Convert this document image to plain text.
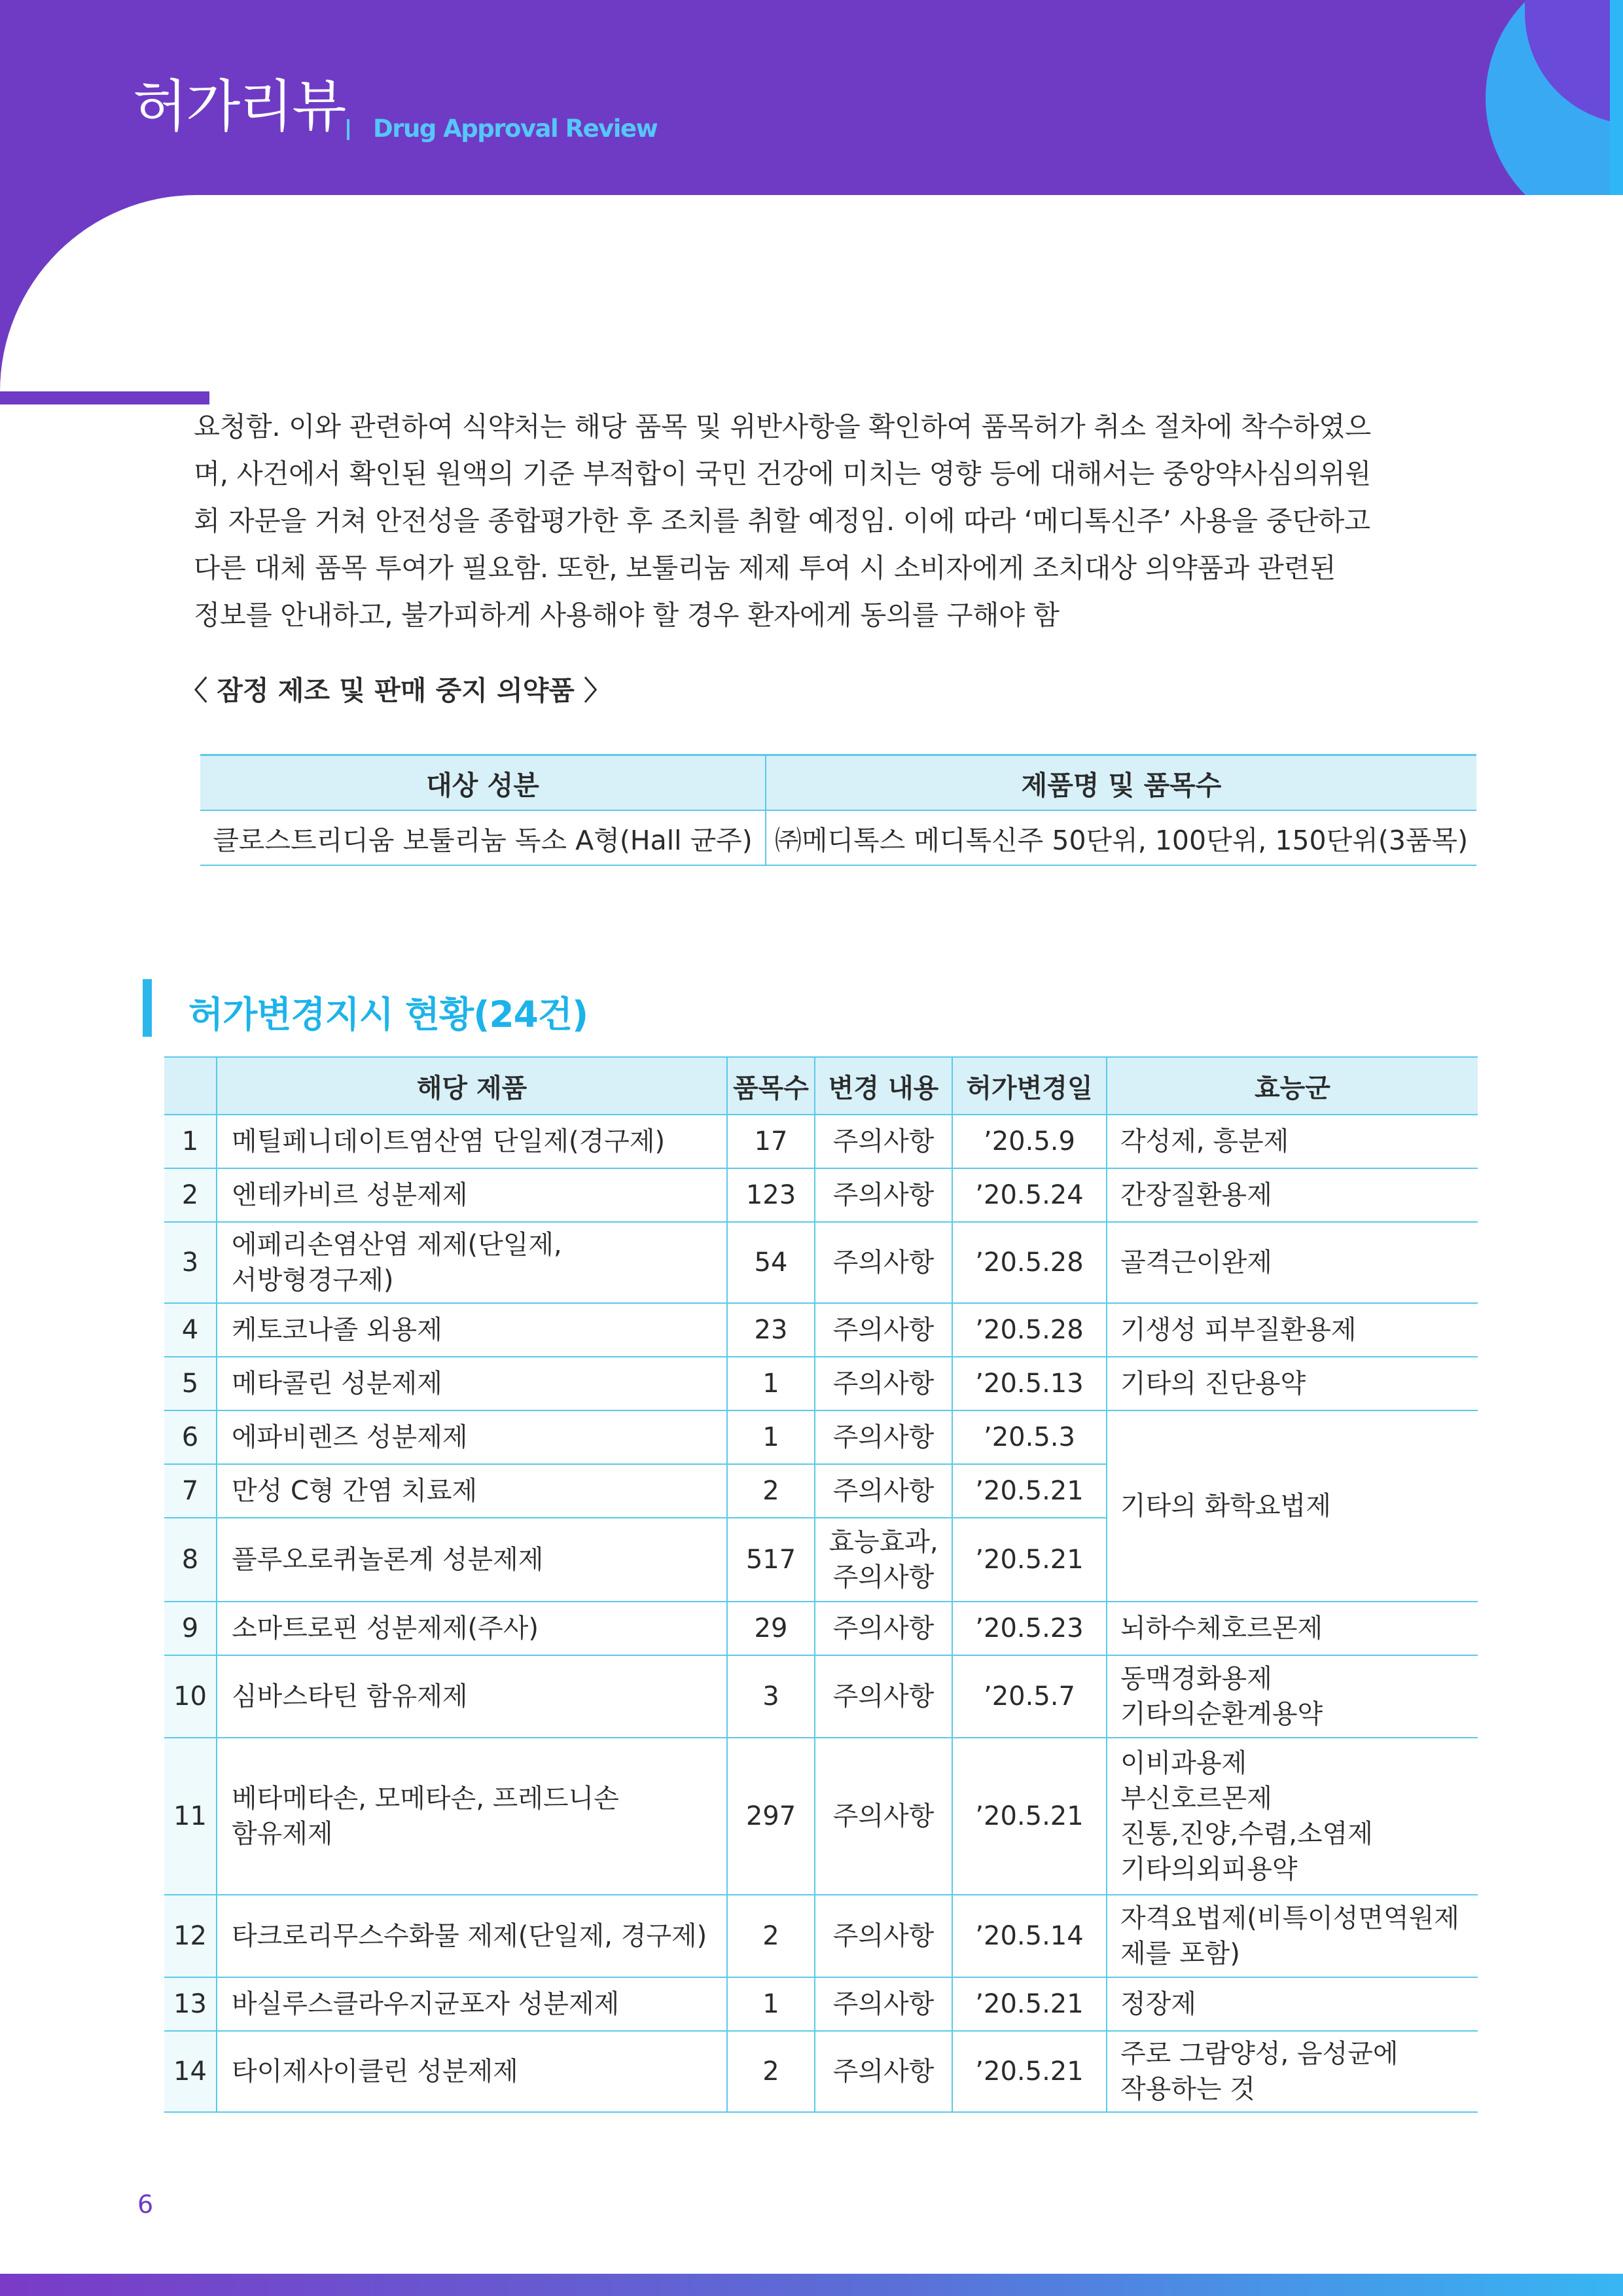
허가리뷰 Drug Approval Review
요청함. 이와 관련하여 식약처는 해당 품목 및 위반사항을 확인하여 품목허가 취소 절차에 착수하였으
며, 사건에서 확인된 원액의 기준 부적합이 국민 건강에 미치는 영향 등에 대해서는 중앙약사심의위원
회 자문을 거쳐 안전성을 종합평가한 후 조치를 취할 예정임. 이에 따라 ‘메디톡신주’ 사용을 중단하고
다른 대체 품목 투여가 필요함. 또한, 보툴리눔 제제 투여 시 소비자에게 조치대상 의약품과 관련된
정보를 안내하고, 불가피하게 사용해야 할 경우 환자에게 동의를 구해야 함
〈 잠정 제조 및 판매 중지 의약품 〉
대상 성분	제품명 및 품목수
클로스트리디움 보툴리눔 독소 A형(Hall 균주)	㈜메디톡스 메디톡신주 50단위, 100단위, 150단위(3품목)
허가변경지시 현황(24건)
	해당 제품	품목수	변경 내용	허가변경일	효능군
1	메틸페니데이트염산염 단일제(경구제)	17	주의사항	’20.5.9	각성제, 흥분제

2	엔테카비르 성분제제	123	주의사항	’20.5.24	간장질환용제

3	에페리손염산염 제제(단일제,
서방형경구제)	54	주의사항	’20.5.28	골격근이완제

4	케토코나졸 외용제	23	주의사항	’20.5.28	기생성 피부질환용제

5	메타콜린 성분제제	1	주의사항	’20.5.13	기타의 진단용약

6	에파비렌즈 성분제제	1	주의사항	’20.5.3	기타의 화학요법제

7	만성 C형 간염 치료제	2	주의사항	’20.5.21	
8	플루오로퀴놀론계 성분제제	517	효능효과,
주의사항	’20.5.21	
9	소마트로핀 성분제제(주사)	29	주의사항	’20.5.23	뇌하수체호르몬제

10	심바스타틴 함유제제	3	주의사항	’20.5.7	동맥경화용제
기타의순환계용약

11	베타메타손, 모메타손, 프레드니손
함유제제	297	주의사항	’20.5.21	이비과용제
부신호르몬제
진통,진양,수렴,소염제
기타의외피용약

12	타크로리무스수화물 제제(단일제, 경구제)	2	주의사항	’20.5.14	자격요법제(비특이성면역원제
제를 포함)

13	바실루스클라우지균포자 성분제제	1	주의사항	’20.5.21	정장제

14	타이제사이클린 성분제제	2	주의사항	’20.5.21	주로 그람양성, 음성균에
작용하는 것
6
